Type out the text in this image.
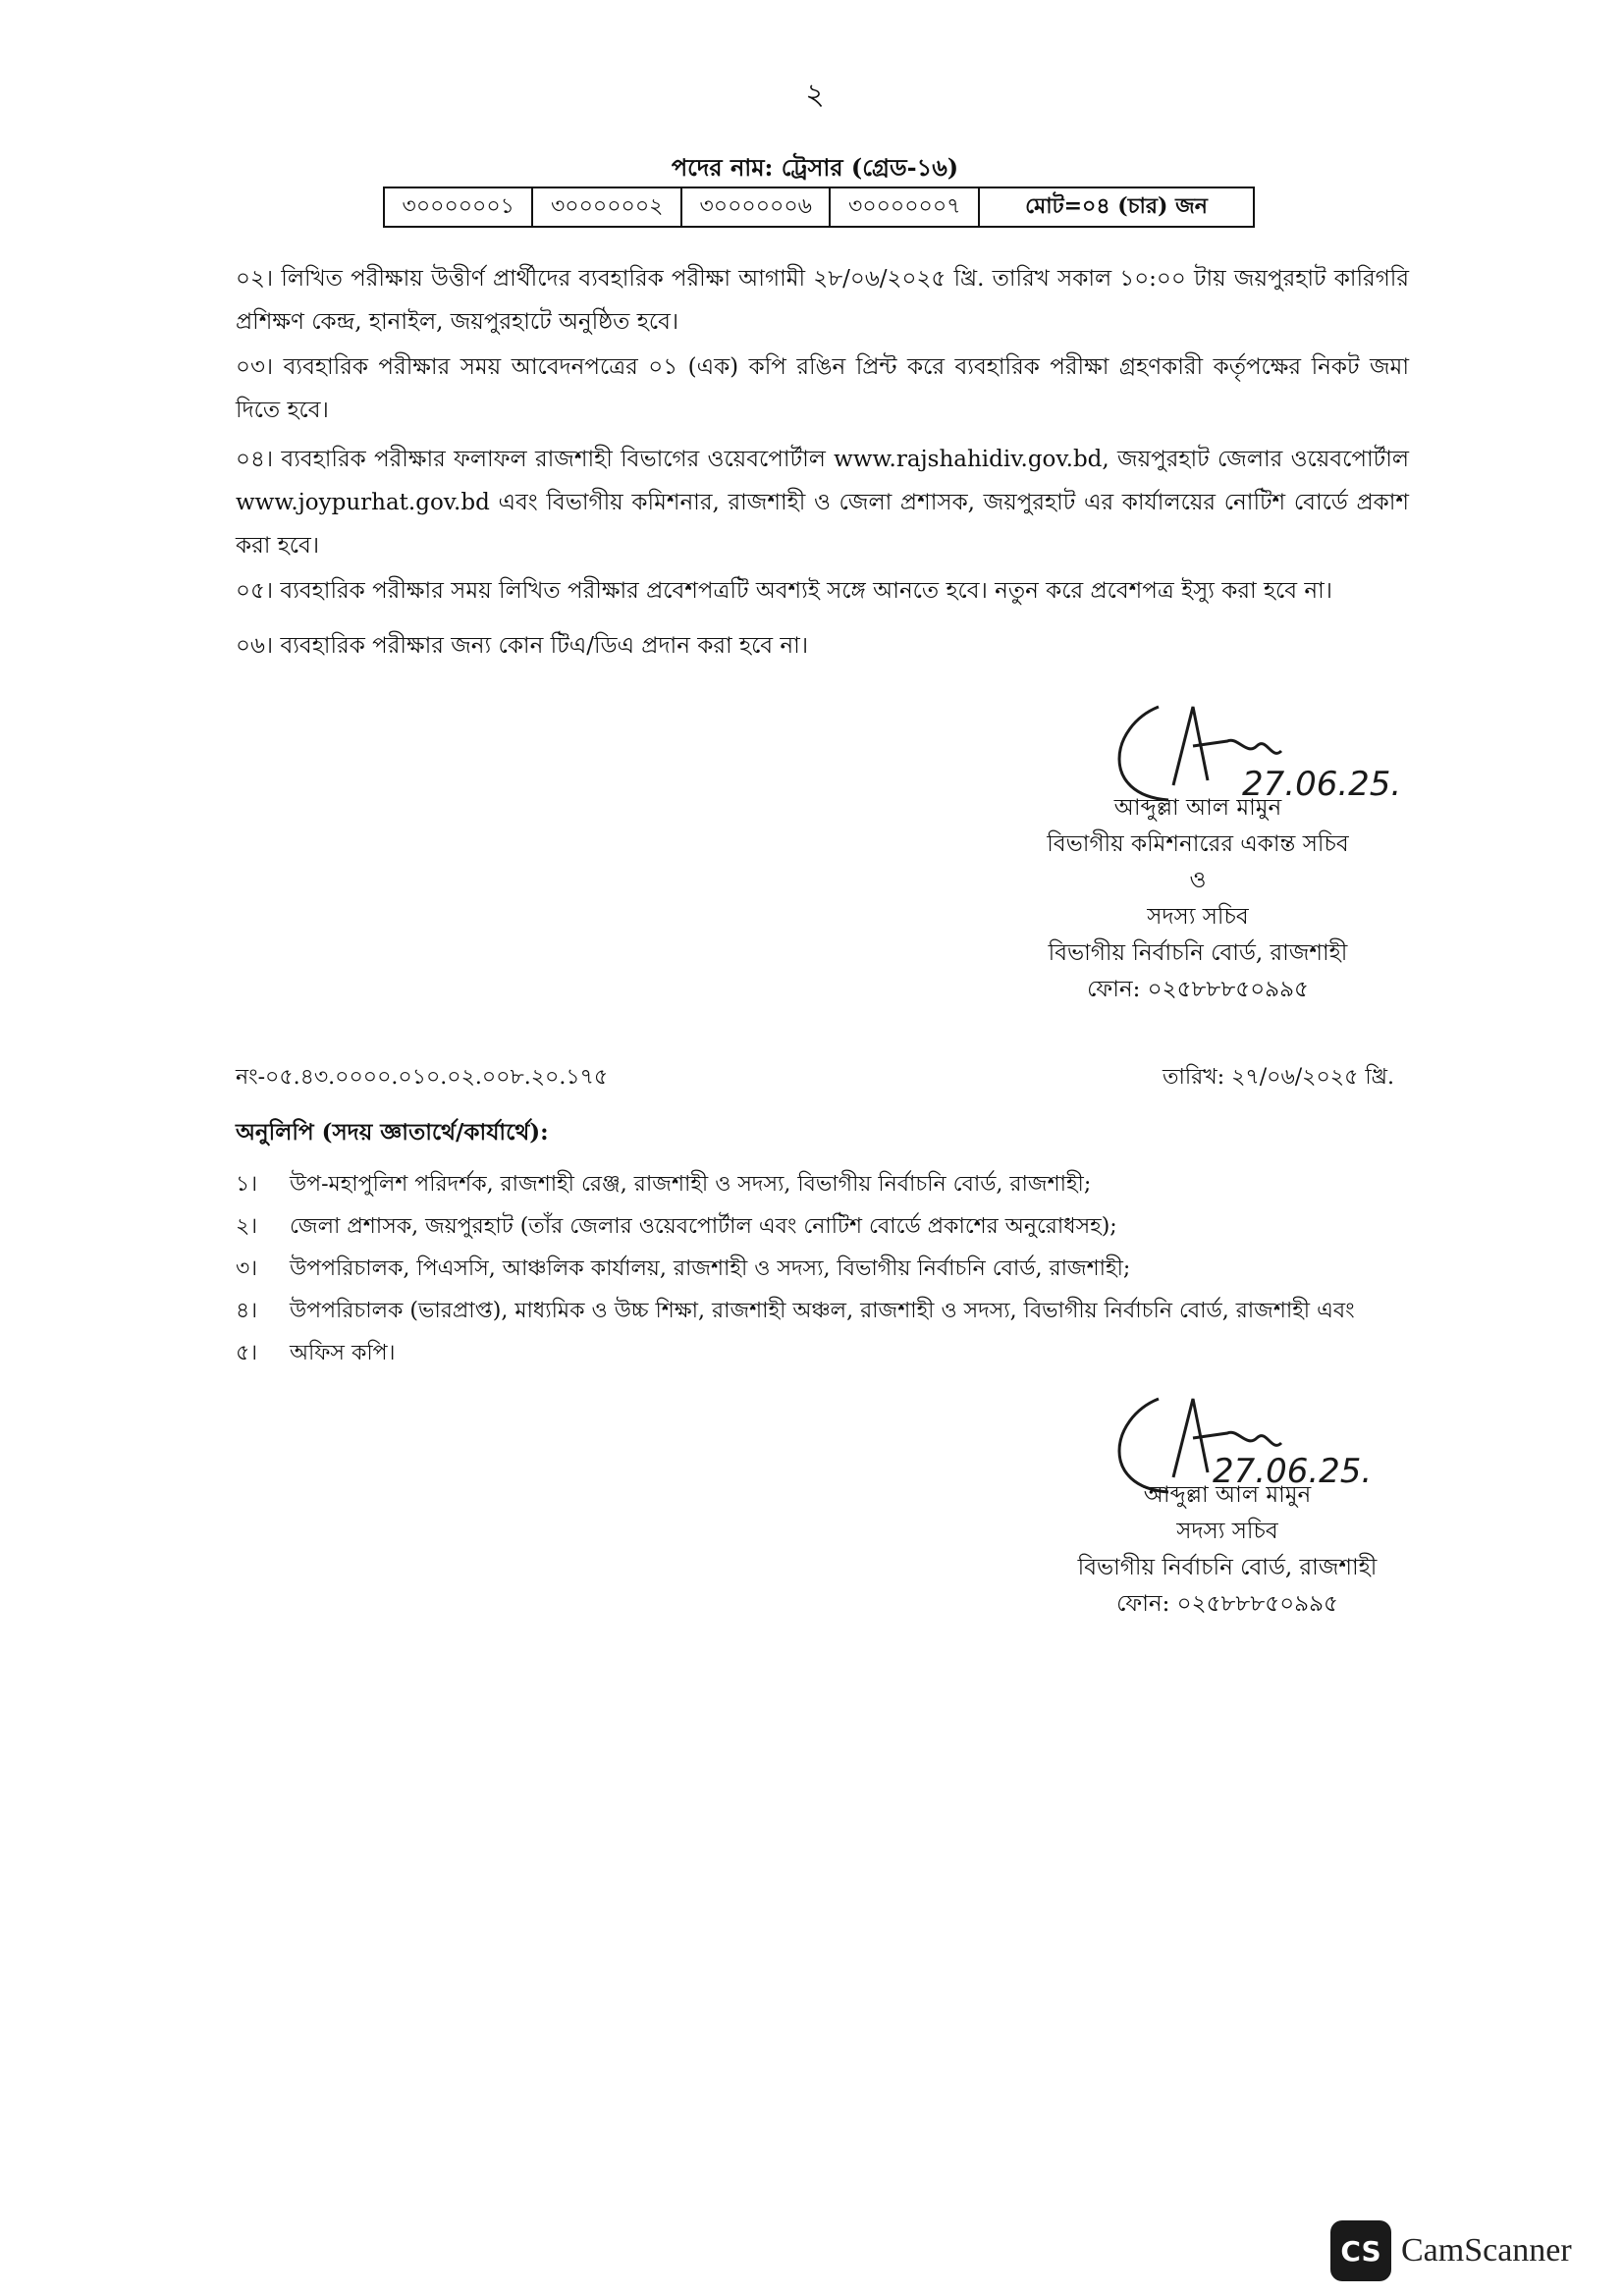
২
পদের নাম: ট্রেসার (গ্রেড-১৬)
৩০০০০০০১	৩০০০০০০২	৩০০০০০০৬	৩০০০০০০৭	মোট=০৪ (চার) জন
০২। লিখিত পরীক্ষায় উত্তীর্ণ প্রার্থীদের ব্যবহারিক পরীক্ষা আগামী ২৮/০৬/২০২৫ খ্রি. তারিখ সকাল ১০:০০ টায় জয়পুরহাট কারিগরি প্রশিক্ষণ কেন্দ্র, হানাইল, জয়পুরহাটে অনুষ্ঠিত হবে।
০৩। ব্যবহারিক পরীক্ষার সময় আবেদনপত্রের ০১ (এক) কপি রঙিন প্রিন্ট করে ব্যবহারিক পরীক্ষা গ্রহণকারী কর্তৃপক্ষের নিকট জমা দিতে হবে।
০৪। ব্যবহারিক পরীক্ষার ফলাফল রাজশাহী বিভাগের ওয়েবপোর্টাল www.rajshahidiv.gov.bd, জয়পুরহাট জেলার ওয়েবপোর্টাল www.joypurhat.gov.bd এবং বিভাগীয় কমিশনার, রাজশাহী ও জেলা প্রশাসক, জয়পুরহাট এর কার্যালয়ের নোটিশ বোর্ডে প্রকাশ করা হবে।
০৫। ব্যবহারিক পরীক্ষার সময় লিখিত পরীক্ষার প্রবেশপত্রটি অবশ্যই সঙ্গে আনতে হবে। নতুন করে প্রবেশপত্র ইস্যু করা হবে না।
০৬। ব্যবহারিক পরীক্ষার জন্য কোন টিএ/ডিএ প্রদান করা হবে না।
27.06.25.
আব্দুল্লা আল মামুন
বিভাগীয় কমিশনারের একান্ত সচিব
ও
সদস্য সচিব
বিভাগীয় নির্বাচনি বোর্ড, রাজশাহী
ফোন: ০২৫৮৮৮৫০৯৯৫
নং-০৫.৪৩.০০০০.০১০.০২.০০৮.২০.১৭৫	তারিখ: ২৭/০৬/২০২৫ খ্রি.
অনুলিপি (সদয় জ্ঞাতার্থে/কার্যার্থে):
১।	উপ-মহাপুলিশ পরিদর্শক, রাজশাহী রেঞ্জ, রাজশাহী ও সদস্য, বিভাগীয় নির্বাচনি বোর্ড, রাজশাহী;
২।	জেলা প্রশাসক, জয়পুরহাট (তাঁর জেলার ওয়েবপোর্টাল এবং নোটিশ বোর্ডে প্রকাশের অনুরোধসহ);
৩।	উপপরিচালক, পিএসসি, আঞ্চলিক কার্যালয়, রাজশাহী ও সদস্য, বিভাগীয় নির্বাচনি বোর্ড, রাজশাহী;
৪।	উপপরিচালক (ভারপ্রাপ্ত), মাধ্যমিক ও উচ্চ শিক্ষা, রাজশাহী অঞ্চল, রাজশাহী ও সদস্য, বিভাগীয় নির্বাচনি বোর্ড, রাজশাহী এবং
৫।	অফিস কপি।
27.06.25.
আব্দুল্লা আল মামুন
সদস্য সচিব
বিভাগীয় নির্বাচনি বোর্ড, রাজশাহী
ফোন: ০২৫৮৮৮৫০৯৯৫
CS CamScanner
